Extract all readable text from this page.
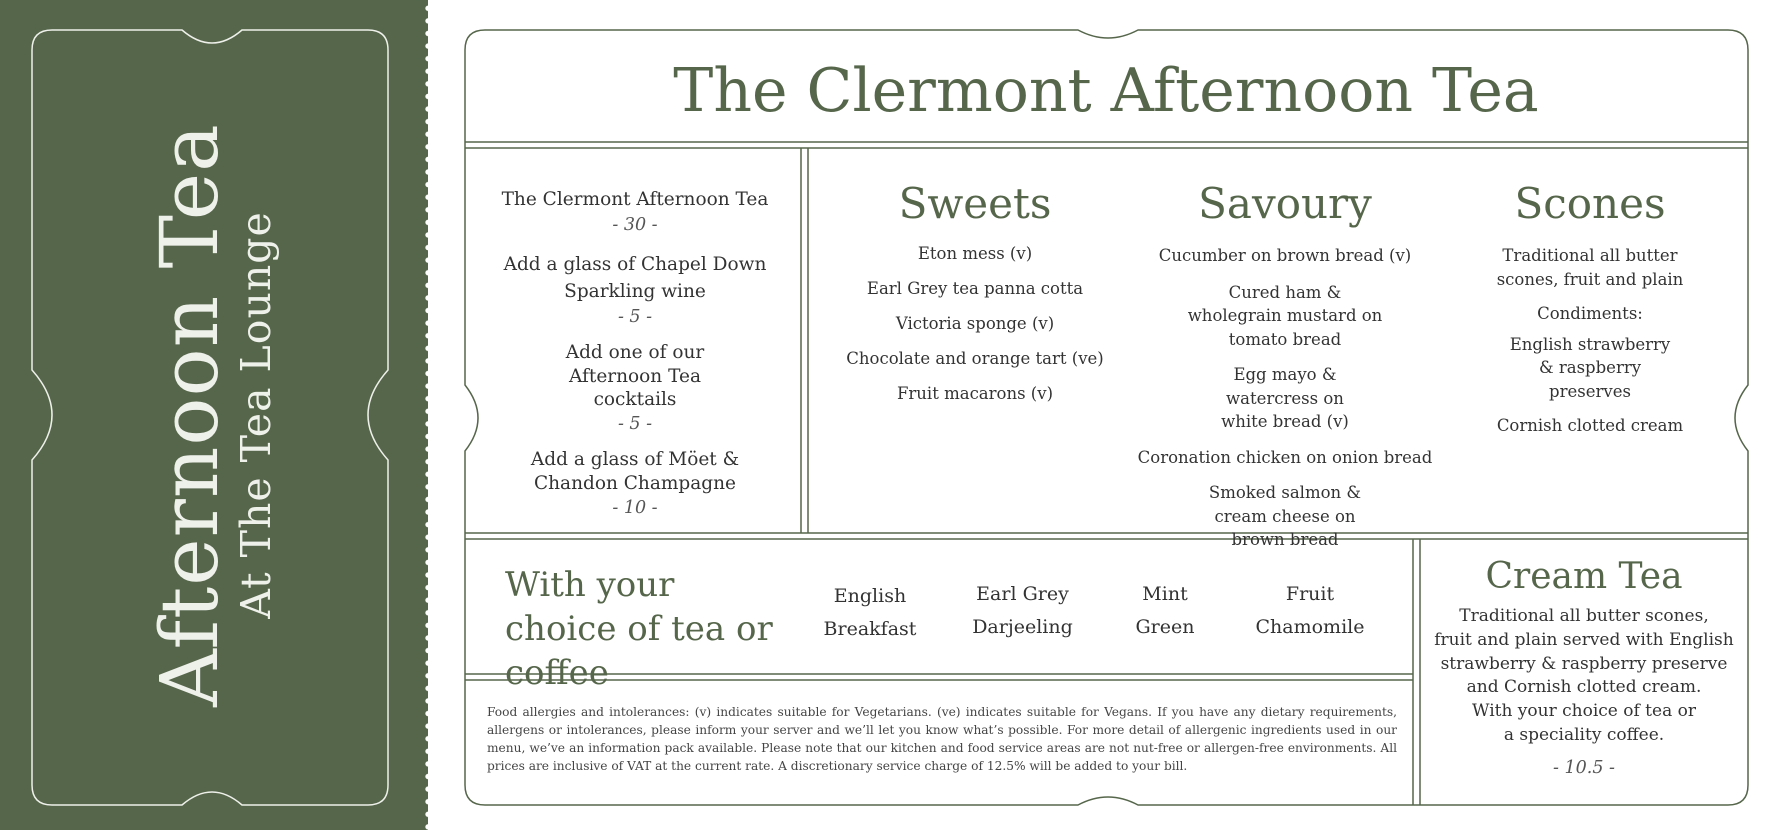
Afternoon Tea
At The Tea Lounge
The Clermont Afternoon Tea
The Clermont Afternoon Tea
- 30 -
Add a glass of Chapel Down Sparkling wine
- 5 -
Add one of our Afternoon Tea cocktails
- 5 -
Add a glass of Möet & Chandon Champagne
- 10 -
Sweets
Eton mess (v)
Earl Grey tea panna cotta
Victoria sponge (v)
Chocolate and orange tart (ve)
Fruit macarons (v)
Savoury
Cucumber on brown bread (v)
Cured ham & wholegrain mustard on tomato bread
Egg mayo & watercress on white bread (v)
Coronation chicken on onion bread
Smoked salmon & cream cheese on brown bread
Scones
Traditional all butter scones, fruit and plain
Condiments:
English strawberry & raspberry preserves
Cornish clotted cream
With your choice of tea or coffee
English
Breakfast
Earl Grey
Darjeeling
Mint
Green
Fruit
Chamomile
Food allergies and intolerances: (v) indicates suitable for Vegetarians. (ve) indicates suitable for Vegans. If you have any dietary requirements, allergens or intolerances, please inform your server and we’ll let you know what’s possible. For more detail of allergenic ingredients used in our menu, we’ve an information pack available. Please note that our kitchen and food service areas are not nut-free or allergen-free environments. All prices are inclusive of VAT at the current rate. A discretionary service charge of 12.5% will be added to your bill.
Cream Tea
Traditional all butter scones,
fruit and plain served with English
strawberry & raspberry preserve
and Cornish clotted cream.
With your choice of tea or
a speciality coffee.
- 10.5 -
